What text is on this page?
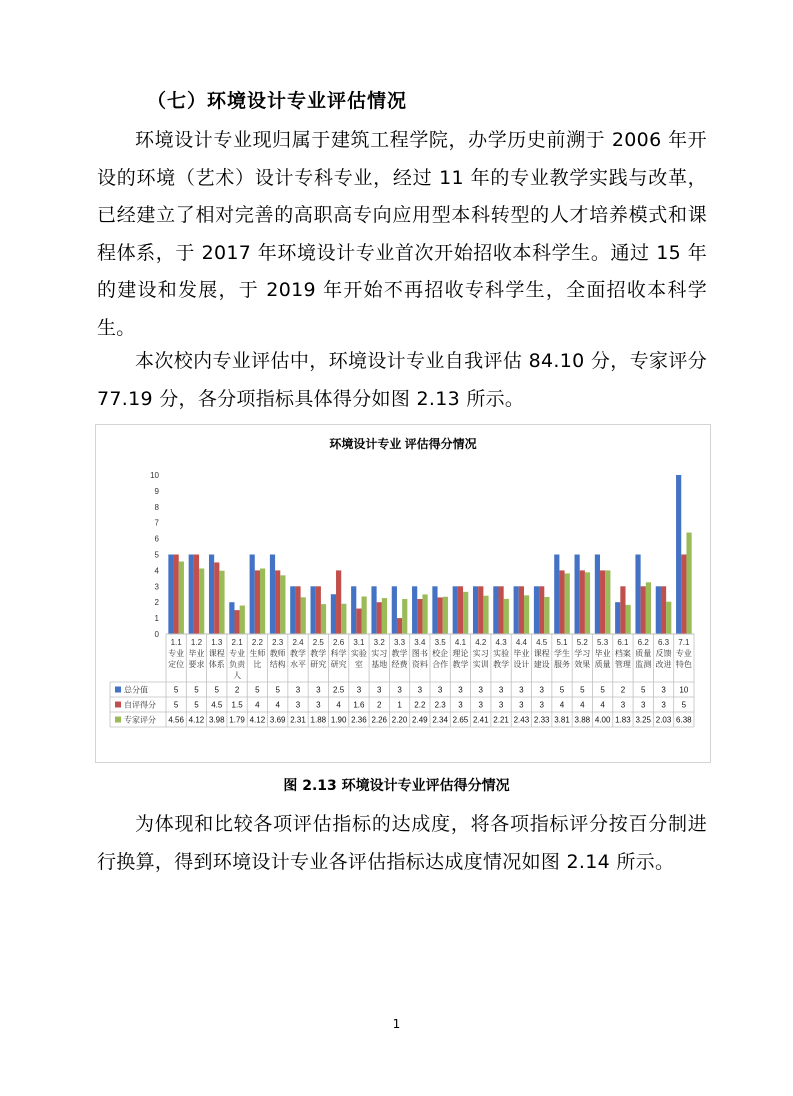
（七）环境设计专业评估情况

环境设计专业现归属于建筑工程学院，办学历史前溯于 2006 年开设的环境（艺术）设计专科专业，经过 11 年的专业教学实践与改革，已经建立了相对完善的高职高专向应用型本科转型的人才培养模式和课程体系，于 2017 年环境设计专业首次开始招收本科学生。通过 15 年的建设和发展，于 2019 年开始不再招收专科学生，全面招收本科学生。

本次校内专业评估中，环境设计专业自我评估 84.10 分，专家评分 77.19 分，各分项指标具体得分如图 2.13 所示。

环境设计专业 评估得分情况
0
1
2
3
4
5
6
7
8
9
10
1.1
专业
定位
1.2
毕业
要求
1.3
课程
体系
2.1
专业
负责
人
2.2
生师
比
2.3
教师
结构
2.4
教学
水平
2.5
教学
研究
2.6
科学
研究
3.1
实验
室
3.2
实习
基地
3.3
教学
经费
3.4
图书
资料
3.5
校企
合作
4.1
理论
教学
4.2
实习
实训
4.3
实验
教学
4.4
毕业
设计
4.5
课程
建设
5.1
学生
服务
5.2
学习
效果
5.3
毕业
质量
6.1
档案
管理
6.2
质量
监测
6.3
反馈
改进
7.1
专业
特色
总分值	5 5 5 2 5 5 3 3 2.5 3 3 3 3 3 3 3 3 3 3 5 5 5 2 5 3 10
自评得分 5 5 4.5 1.5 4 4 3 3 4 1.6 2 1 2.2 2.3 3 3 3 3 3 4 4 4 3 3 3 5
专家评分 4.56 4.12 3.98 1.79 4.12 3.69 2.31 1.88 1.90 2.36 2.26 2.20 2.49 2.34 2.65 2.41 2.21 2.43 2.33 3.81 3.88 4.00 1.83 3.25 2.03 6.38
图 2.13 环境设计专业评估得分情况

为体现和比较各项评估指标的达成度，将各项指标评分按百分制进行换算，得到环境设计专业各评估指标达成度情况如图 2.14 所示。

1
